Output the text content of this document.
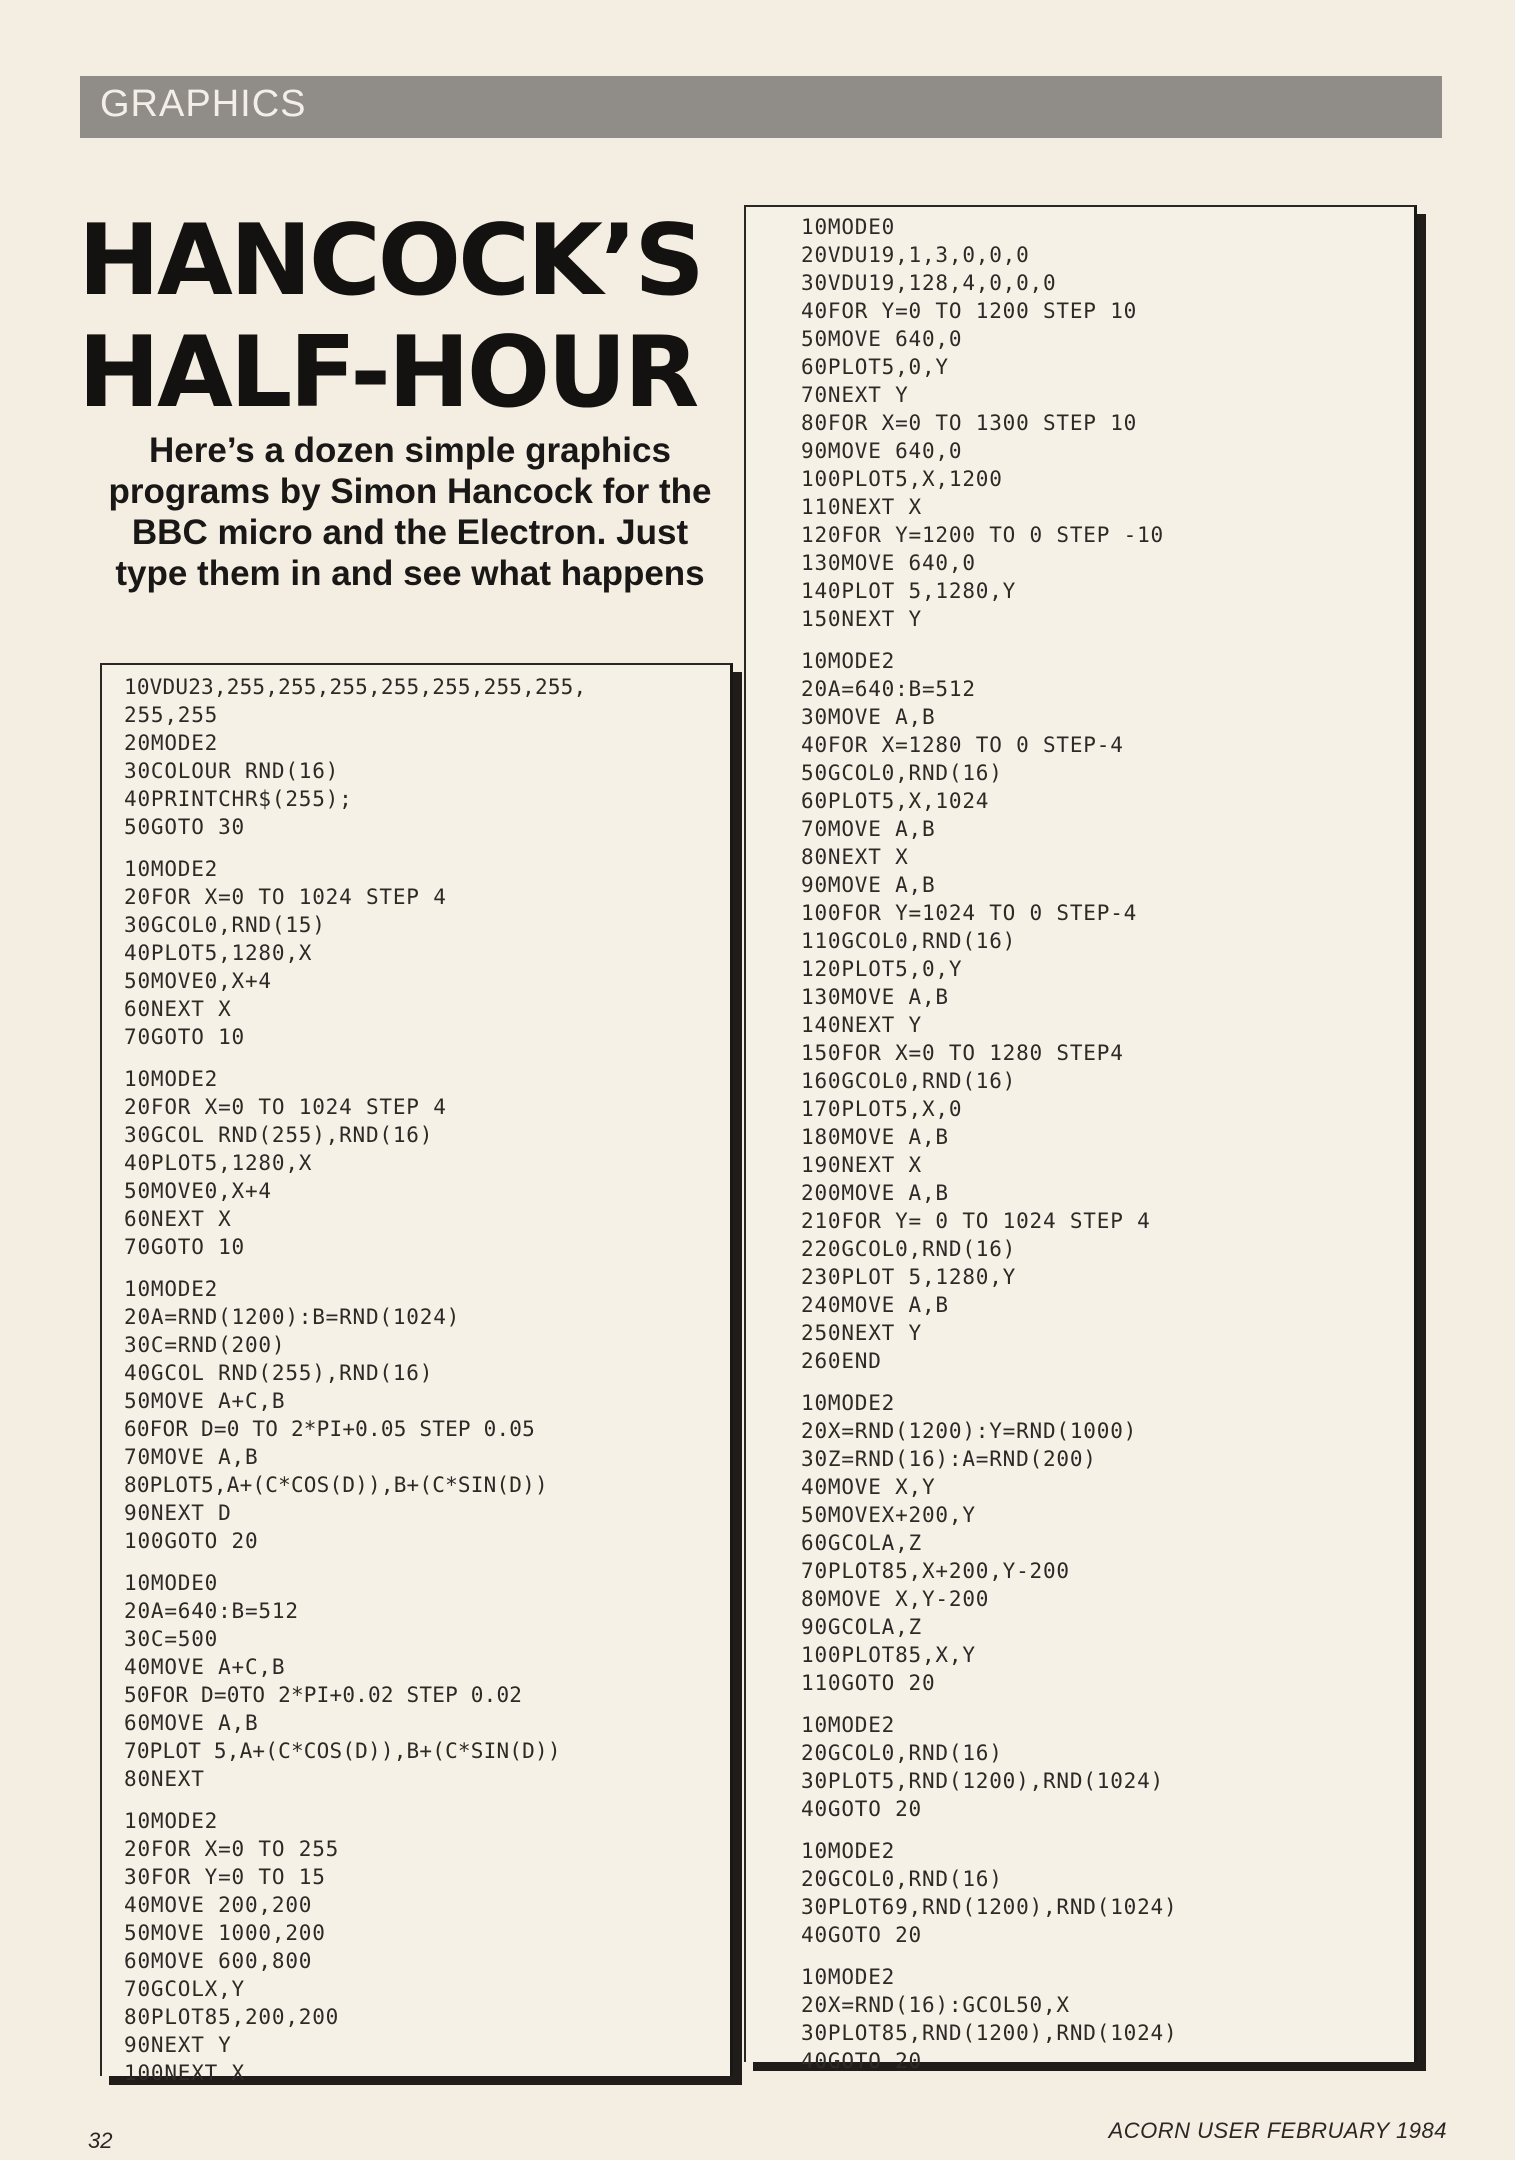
GRAPHICS
HANCOCK’S
HALF-HOUR
Here’s a dozen simple graphics programs by Simon Hancock for the BBC micro and the Electron. Just type them in and see what happens
10VDU23,255,255,255,255,255,255,255,
255,255
20MODE2
30COLOUR RND(16)
40PRINTCHR$(255);
50GOTO 30
10MODE2
20FOR X=0 TO 1024 STEP 4
30GCOL0,RND(15)
40PLOT5,1280,X
50MOVE0,X+4
60NEXT X
70GOTO 10
10MODE2
20FOR X=0 TO 1024 STEP 4
30GCOL RND(255),RND(16)
40PLOT5,1280,X
50MOVE0,X+4
60NEXT X
70GOTO 10
10MODE2
20A=RND(1200):B=RND(1024)
30C=RND(200)
40GCOL RND(255),RND(16)
50MOVE A+C,B
60FOR D=0 TO 2*PI+0.05 STEP 0.05
70MOVE A,B
80PLOT5,A+(C*COS(D)),B+(C*SIN(D))
90NEXT D
100GOTO 20
10MODE0
20A=640:B=512
30C=500
40MOVE A+C,B
50FOR D=0TO 2*PI+0.02 STEP 0.02
60MOVE A,B
70PLOT 5,A+(C*COS(D)),B+(C*SIN(D))
80NEXT
10MODE2
20FOR X=0 TO 255
30FOR Y=0 TO 15
40MOVE 200,200
50MOVE 1000,200
60MOVE 600,800
70GCOLX,Y
80PLOT85,200,200
90NEXT Y
100NEXT X
10MODE0
20VDU19,1,3,0,0,0
30VDU19,128,4,0,0,0
40FOR Y=0 TO 1200 STEP 10
50MOVE 640,0
60PLOT5,0,Y
70NEXT Y
80FOR X=0 TO 1300 STEP 10
90MOVE 640,0
100PLOT5,X,1200
110NEXT X
120FOR Y=1200 TO 0 STEP -10
130MOVE 640,0
140PLOT 5,1280,Y
150NEXT Y
10MODE2
20A=640:B=512
30MOVE A,B
40FOR X=1280 TO 0 STEP-4
50GCOL0,RND(16)
60PLOT5,X,1024
70MOVE A,B
80NEXT X
90MOVE A,B
100FOR Y=1024 TO 0 STEP-4
110GCOL0,RND(16)
120PLOT5,0,Y
130MOVE A,B
140NEXT Y
150FOR X=0 TO 1280 STEP4
160GCOL0,RND(16)
170PLOT5,X,0
180MOVE A,B
190NEXT X
200MOVE A,B
210FOR Y= 0 TO 1024 STEP 4
220GCOL0,RND(16)
230PLOT 5,1280,Y
240MOVE A,B
250NEXT Y
260END
10MODE2
20X=RND(1200):Y=RND(1000)
30Z=RND(16):A=RND(200)
40MOVE X,Y
50MOVEX+200,Y
60GCOLA,Z
70PLOT85,X+200,Y-200
80MOVE X,Y-200
90GCOLA,Z
100PLOT85,X,Y
110GOTO 20
10MODE2
20GCOL0,RND(16)
30PLOT5,RND(1200),RND(1024)
40GOTO 20
10MODE2
20GCOL0,RND(16)
30PLOT69,RND(1200),RND(1024)
40GOTO 20
10MODE2
20X=RND(16):GCOL50,X
30PLOT85,RND(1200),RND(1024)
40GOTO 20
32	ACORN USER FEBRUARY 1984
